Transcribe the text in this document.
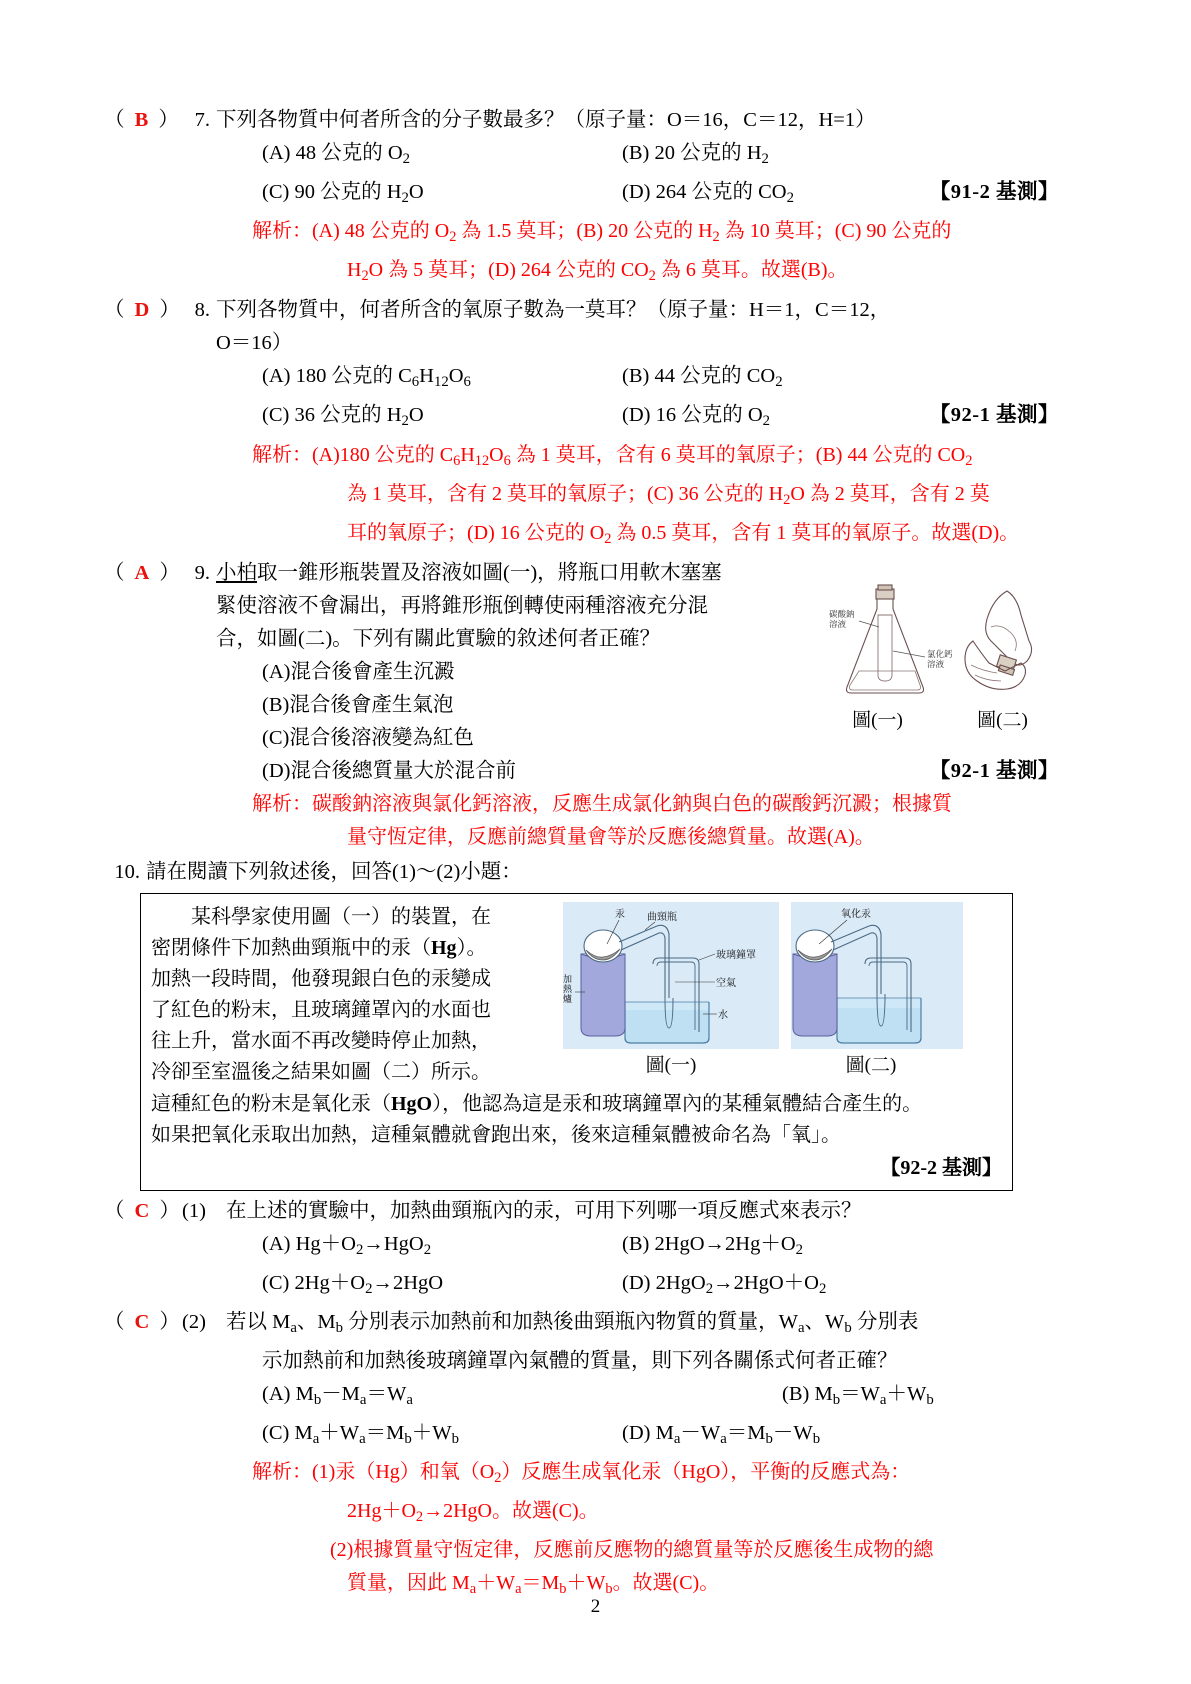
（ B ） 7. 下列各物質中何者所含的分子數最多？（原子量：O＝16，C＝12，H=1）
(A) 48 公克的 $O_2$	(B) 20 公克的 $H_2$
(C) 90 公克的 $H_2O$	(D) 264 公克的 $CO_2$	【91-2 基測】
解析： (A) 48 公克的 $O_2$ 為 1.5 莫耳；(B) 20 公克的 $H_2$ 為 10 莫耳；(C) 90 公克的
$H_2O$ 為 5 莫耳；(D) 264 公克的 $CO_2$ 為 6 莫耳。故選(B)。
（ D ） 8. 下列各物質中，何者所含的氧原子數為一莫耳？（原子量：H＝1，C＝12，
O＝16）
(A) 180 公克的 $C_6H_{12}O_6$	(B) 44 公克的 $CO_2$
(C) 36 公克的 $H_2O$	(D) 16 公克的 $O_2$	【92-1 基測】
解析： (A)180 公克的 $C_6H_{12}O_6$ 為 1 莫耳，含有 6 莫耳的氧原子；(B) 44 公克的 $CO_2$
為 1 莫耳，含有 2 莫耳的氧原子；(C) 36 公克的 $H_2O$ 為 2 莫耳，含有 2 莫
耳的氧原子；(D) 16 公克的 $O_2$ 為 0.5 莫耳，含有 1 莫耳的氧原子。故選(D)。
碳酸鈉
溶液
氯化鈣
溶液
圖(一)	圖(二)
（ A ） 9. 小柏取一錐形瓶裝置及溶液如圖(一)，將瓶口用軟木塞塞
緊使溶液不會漏出，再將錐形瓶倒轉使兩種溶液充分混
合，如圖(二)。下列有關此實驗的敘述何者正確？
(A)混合後會產生沉澱
(B)混合後會產生氣泡
(C)混合後溶液變為紅色
(D)混合後總質量大於混合前	【92-1 基測】
解析： 碳酸鈉溶液與氯化鈣溶液，反應生成氯化鈉與白色的碳酸鈣沉澱；根據質
量守恆定律，反應前總質量會等於反應後總質量。故選(A)。
10. 請在閱讀下列敘述後，回答(1)～(2)小題：
　　某科學家使用圖（一）的裝置，在
密閉條件下加熱曲頸瓶中的汞（Hg）。
加熱一段時間，他發現銀白色的汞變成
了紅色的粉末，且玻璃鐘罩內的水面也
往上升，當水面不再改變時停止加熱，
冷卻至室溫後之結果如圖（二）所示。
汞 曲頸瓶
玻璃鐘罩
空氣
水
加
熱
爐
氧化汞
圖(一)	圖(二)
這種紅色的粉末是氧化汞（HgO），他認為這是汞和玻璃鐘罩內的某種氣體結合產生的。
如果把氧化汞取出加熱，這種氣體就會跑出來，後來這種氣體被命名為「氧」。
【92-2 基測】
（ C ） (1) 在上述的實驗中，加熱曲頸瓶內的汞，可用下列哪一項反應式來表示？
(A) $Hg+O_2\to HgO_2$	(B) $2HgO\to 2Hg+O_2$
(C) $2Hg+O_2\to 2HgO$	(D) $2HgO_2\to 2HgO+O_2$
（ C ） (2) 若以 $M_a$、$M_b$ 分別表示加熱前和加熱後曲頸瓶內物質的質量，$W_a$、$W_b$ 分別表
示加熱前和加熱後玻璃鐘罩內氣體的質量，則下列各關係式何者正確？
(A) $M_b-M_a=W_a$	(B) $M_b=W_a+W_b$
(C) $M_a+W_a=M_b+W_b$	(D) $M_a-W_a=M_b-W_b$
解析： (1)汞（Hg）和氧$(O_2)$反應生成氧化汞（HgO），平衡的反應式為：
$2Hg+O_2\to 2HgO$。故選(C)。
(2)根據質量守恆定律，反應前反應物的總質量等於反應後生成物的總
質量，因此 $M_a+W_a=M_b+W_b$。故選(C)。
2
